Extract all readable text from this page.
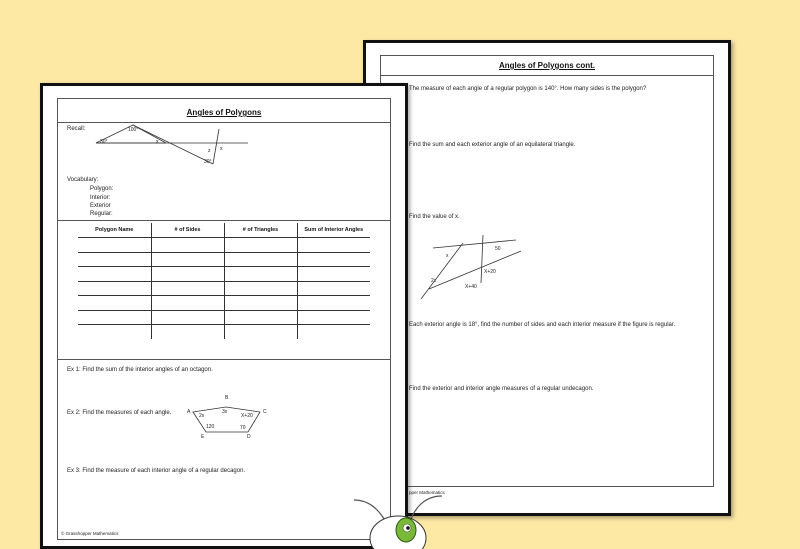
Angles of Polygons cont.
The measure of each angle of a regular polygon is 140°. How many sides is the polygon?
Find the sum and each exterior angle of an equilateral triangle.
Find the value of x.
50
x
X+20
2x
X+40
Each exterior angle is 18°, find the number of sides and each interior measure if the figure is regular.
Find the exterior and interior angle measures of a regular undecagon.
pper Mathematics
Angles of Polygons
Recall:	100°
30°	x
z x
30°
Vocabulary:
Polygon:
Interior:
Exterior
Regular:
Polygon Name	# of Sides	# of Triangles	Sum of Interior Angles

Ex 1: Find the sum of the interior angles of an octagon.
Ex 2: Find the measures of each angle.	A
B
C
D
E
2x
3x
X+20
70
120
Ex 3: Find the measure of each interior angle of a regular decagon.
© Grasshopper Mathematics
